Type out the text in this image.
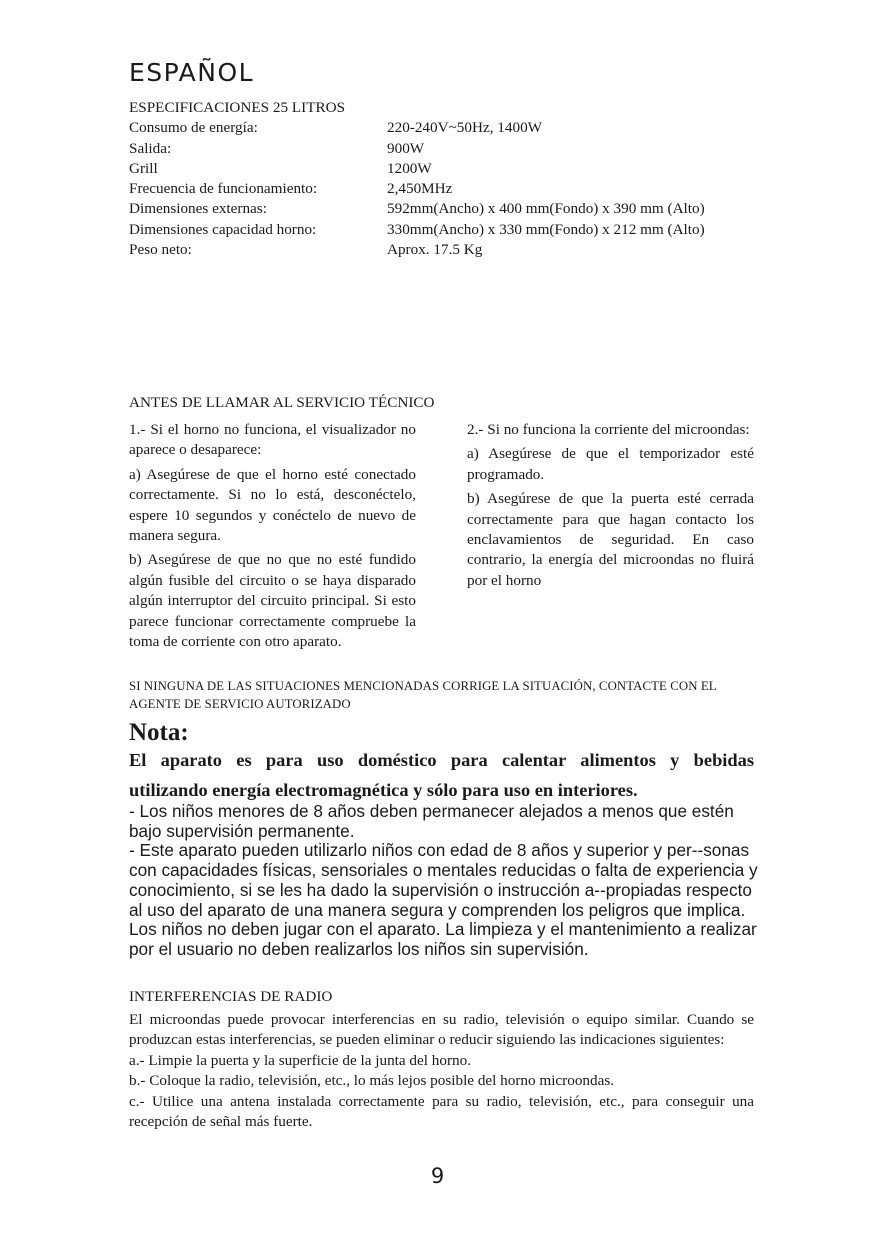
ESPAÑOL
ESPECIFICACIONES 25 LITROS
Consumo de energía:	220-240V~50Hz, 1400W
Salida:	900W
Grill	1200W
Frecuencia de funcionamiento:	2,450MHz
Dimensiones externas:	592mm(Ancho) x 400 mm(Fondo) x 390 mm (Alto)
Dimensiones capacidad horno:	330mm(Ancho) x 330 mm(Fondo) x 212 mm (Alto)
Peso neto:	Aprox. 17.5 Kg
ANTES DE LLAMAR AL SERVICIO TÉCNICO

1.- Si el horno no funciona, el visualizador no aparece o desaparece:

a) Asegúrese de que el horno esté conectado correctamente. Si no lo está, desconéctelo, espere 10 segundos y conéctelo de nuevo de manera segura.

b) Asegúrese de que no que no esté fundido algún fusible del circuito o se haya disparado algún interruptor del circuito principal. Si esto parece funcionar correctamente compruebe la toma de corriente con otro aparato.

2.- Si no funciona la corriente del microondas:

a) Asegúrese de que el temporizador esté programado.

b) Asegúrese de que la puerta esté cerrada correctamente para que hagan contacto los enclavamientos de seguridad. En caso contrario, la energía del microondas no fluirá por el horno

SI NINGUNA DE LAS SITUACIONES MENCIONADAS CORRIGE LA SITUACIÓN, CONTACTE CON EL AGENTE DE SERVICIO AUTORIZADO
Nota:
El aparato es para uso doméstico para calentar alimentos y bebidas

utilizando energía electromagnética y sólo para uso en interiores.

- Los niños menores de 8 años deben permanecer alejados a menos que estén bajo supervisión permanente.

- Este aparato pueden utilizarlo niños con edad de 8 años y superior y per--sonas con capacidades físicas, sensoriales o mentales reducidas o falta de experiencia y conocimiento, si se les ha dado la supervisión o instrucción a--propiadas respecto al uso del aparato de una manera segura y comprenden los peligros que implica. Los niños no deben jugar con el aparato. La limpieza y el mantenimiento a realizar por el usuario no deben realizarlos los niños sin supervisión.

INTERFERENCIAS DE RADIO

El microondas puede provocar interferencias en su radio, televisión o equipo similar. Cuando se produzcan estas interferencias, se pueden eliminar o reducir siguiendo las indicaciones siguientes:

a.- Limpie la puerta y la superficie de la junta del horno.

b.- Coloque la radio, televisión, etc., lo más lejos posible del horno microondas.

c.- Utilice una antena instalada correctamente para su radio, televisión, etc., para conseguir una recepción de señal más fuerte.

9
